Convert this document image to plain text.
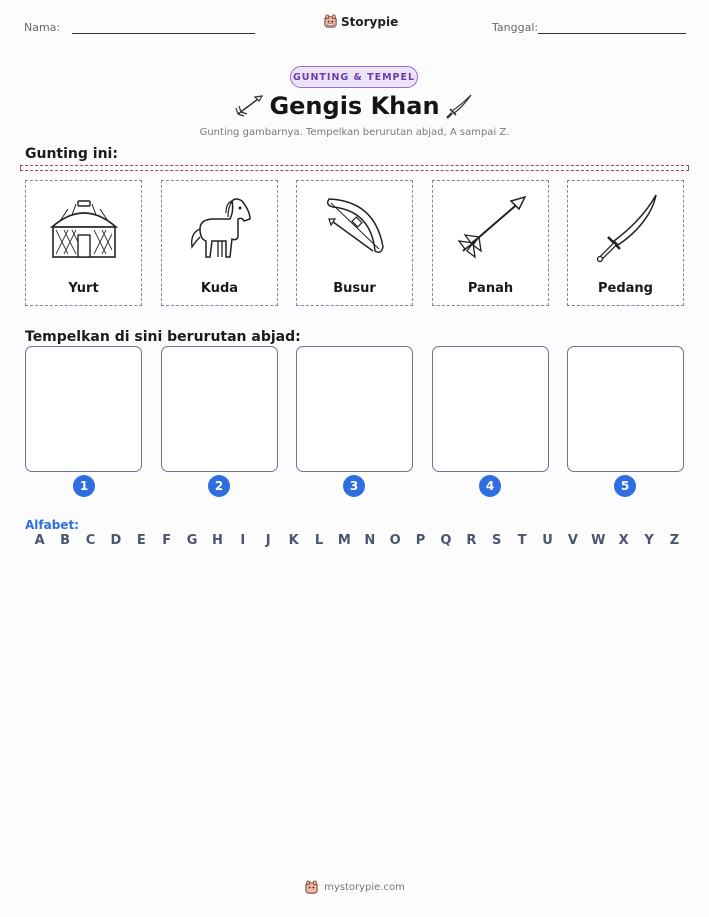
Nama:	Storypie	Tanggal:
GUNTING & TEMPEL
Gengis Khan
Gunting gambarnya. Tempelkan berurutan abjad, A sampai Z.
Gunting ini:
Yurt	Kuda	Busur	Panah	Pedang
Tempelkan di sini berurutan abjad:
1	2	3	4	5
Alfabet:
A	B	C	D	E	F	G	H	I	J	K	L	M	N	O	P	Q	R	S	T	U	V	W	X	Y	Z
mystorypie.com
